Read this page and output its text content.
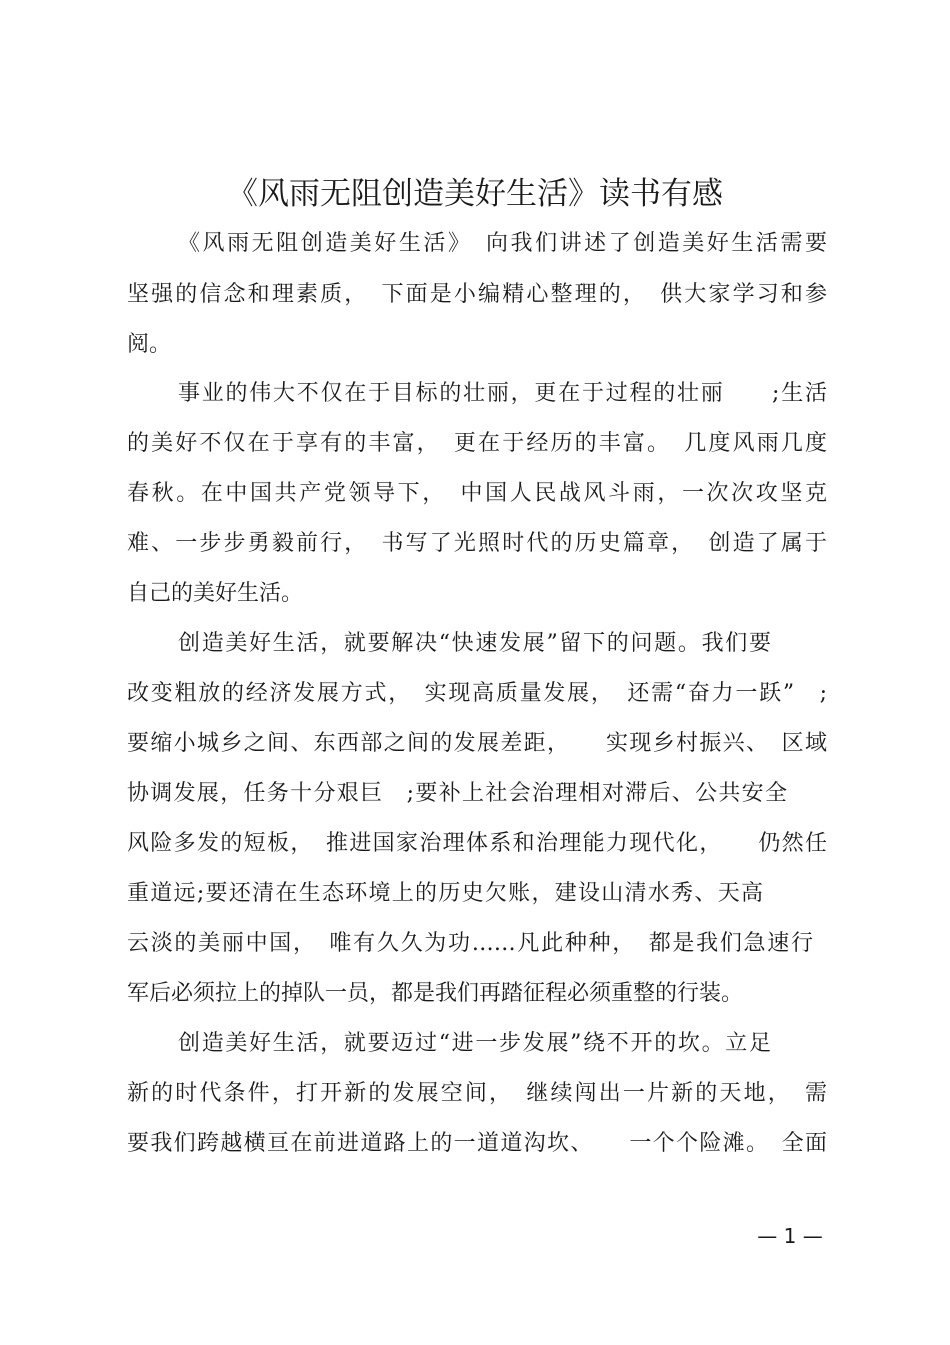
《风雨无阻创造美好生活》读书有感
《风雨无阻创造美好生活》　向我们讲述了创造美好生活需要
坚强的信念和理素质，　下面是小编精心整理的，　供大家学习和参
阅。
事业的伟大不仅在于目标的壮丽，更在于过程的壮丽　　;生活
的美好不仅在于享有的丰富，　更在于经历的丰富。　几度风雨几度
春秋。在中国共产党领导下，　中国人民战风斗雨，一次次攻坚克
难、一步步勇毅前行，　书写了光照时代的历史篇章，　创造了属于
自己的美好生活。
创造美好生活，就要解决“快速发展”留下的问题。我们要
改变粗放的经济发展方式，　实现高质量发展，　还需“奋力一跃”　;
要缩小城乡之间、东西部之间的发展差距，　　实现乡村振兴、　区域
协调发展，任务十分艰巨　;要补上社会治理相对滞后、公共安全
风险多发的短板，　推进国家治理体系和治理能力现代化，　　仍然任
重道远;要还清在生态环境上的历史欠账，建设山清水秀、天高
云淡的美丽中国，　唯有久久为功……凡此种种，　都是我们急速行
军后必须拉上的掉队一员，都是我们再踏征程必须重整的行装。
创造美好生活，就要迈过“进一步发展”绕不开的坎。立足
新的时代条件，打开新的发展空间，　继续闯出一片新的天地，　需
要我们跨越横亘在前进道路上的一道道沟坎、　　一个个险滩。　全面
— 1 —
